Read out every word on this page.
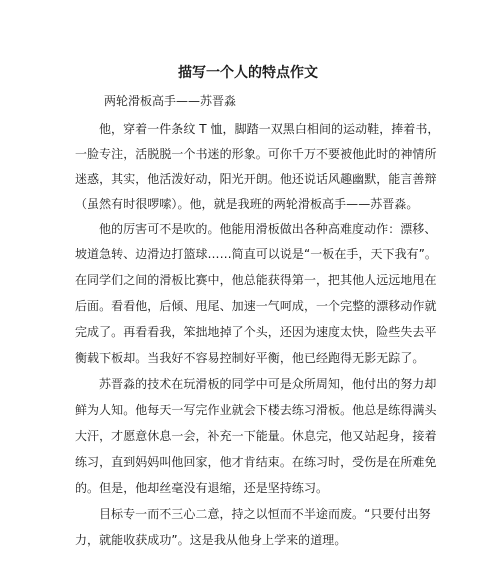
描写一个人的特点作文
两轮滑板高手——苏晋淼
他，穿着一件条纹 T 恤，脚踏一双黑白相间的运动鞋，捧着书，
一脸专注，活脱脱一个书迷的形象。可你千万不要被他此时的神情所
迷惑，其实，他活泼好动，阳光开朗。他还说话风趣幽默，能言善辩
（虽然有时很啰嗦）。他，就是我班的两轮滑板高手——苏晋淼。
他的厉害可不是吹的。他能用滑板做出各种高难度动作：漂移、
坡道急转、边滑边打篮球……简直可以说是“一板在手，天下我有”。
在同学们之间的滑板比赛中，他总能获得第一，把其他人远远地甩在
后面。看看他，后倾、甩尾、加速一气呵成，一个完整的漂移动作就
完成了。再看看我，笨拙地掉了个头，还因为速度太快，险些失去平
衡载下板却。当我好不容易控制好平衡，他已经跑得无影无踪了。
苏晋淼的技术在玩滑板的同学中可是众所周知，他付出的努力却
鲜为人知。他每天一写完作业就会下楼去练习滑板。他总是练得满头
大汗，才愿意休息一会，补充一下能量。休息完，他又站起身，接着
练习，直到妈妈叫他回家，他才肯结束。在练习时，受伤是在所难免
的。但是，他却丝毫没有退缩，还是坚持练习。
目标专一而不三心二意，持之以恒而不半途而废。“只要付出努
力，就能收获成功”。这是我从他身上学来的道理。
